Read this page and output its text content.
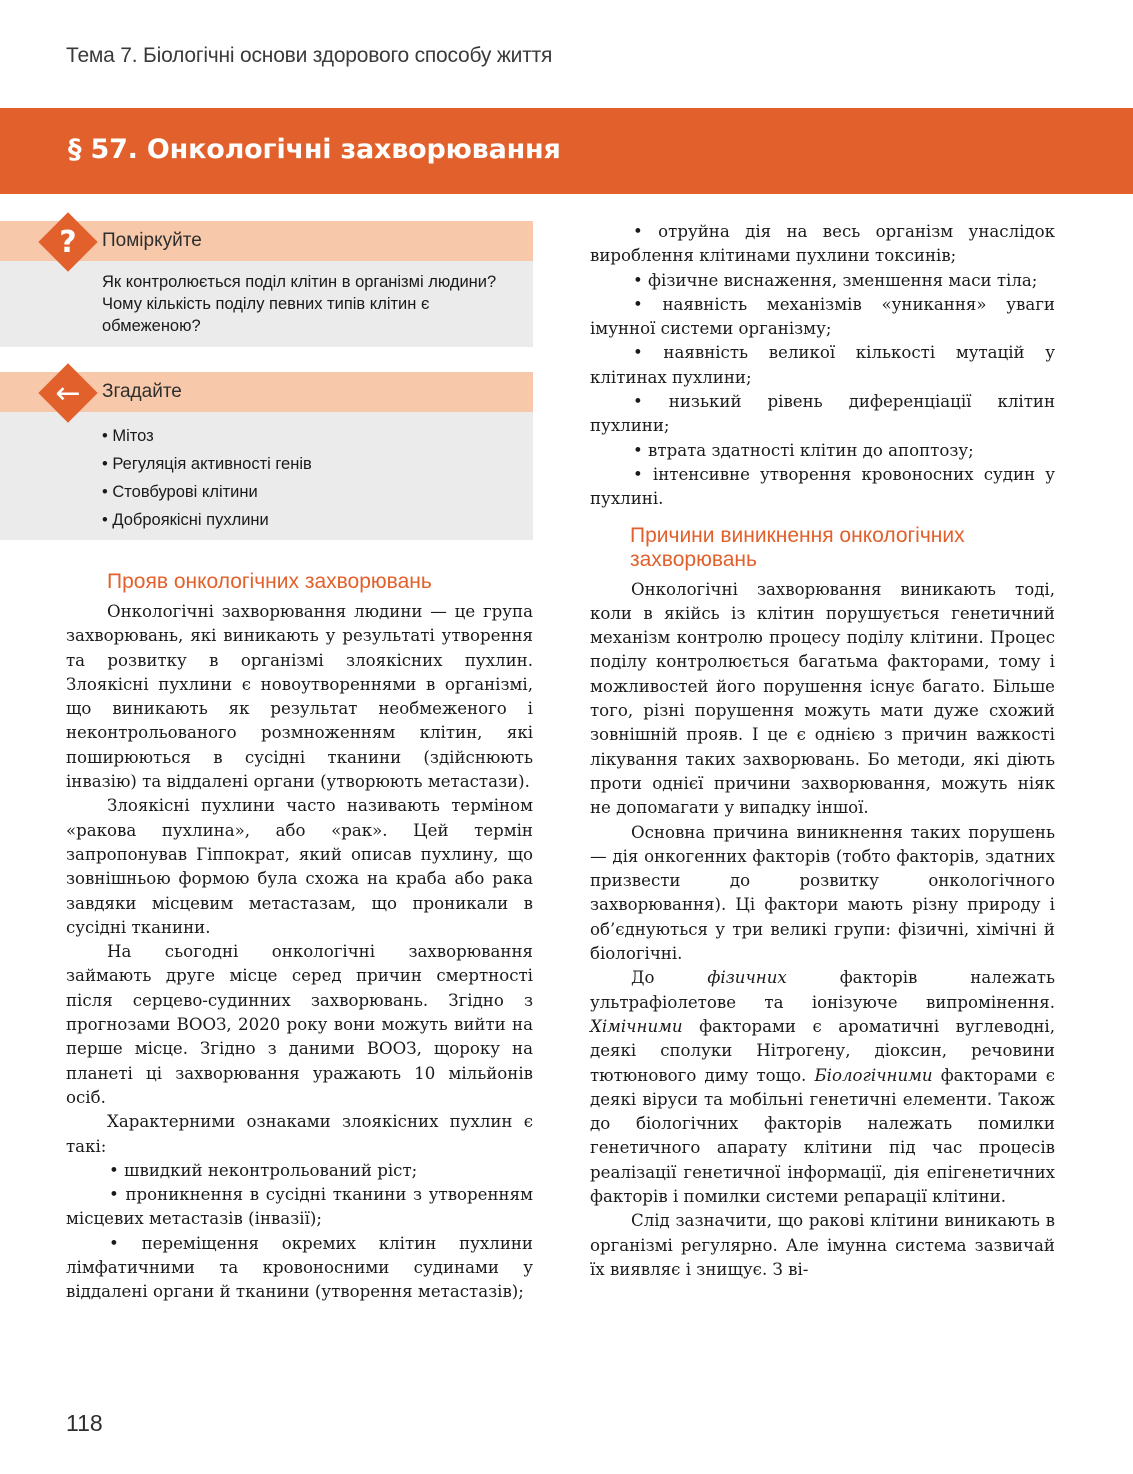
Тема 7. Біологічні основи здорового способу життя
§ 57. Онкологічні захворювання
?	Поміркуйте
Як контролюється поділ клітин в організмі людини? Чому кількість поділу певних типів клітин є обмеженою?
←	Згадайте
• Мітоз
• Регуляція активності генів
• Стовбурові клітини
• Доброякісні пухлини
Прояв онкологічних захворювань

Онкологічні захворювання людини — це група захворювань, які виникають у результаті утворення та розвитку в організмі злоякісних пухлин. Злоякісні пухлини є новоутвореннями в організмі, що виникають як результат необмеженого і неконтрольованого розмноженням клітин, які поширюються в сусідні тканини (здійснюють інвазію) та віддалені органи (утворюють метастази).

Злоякісні пухлини часто називають терміном «ракова пухлина», або «рак». Цей термін запропонував Гіппократ, який описав пухлину, що зовнішньою формою була схожа на краба або рака завдяки місцевим метастазам, що проникали в сусідні тканини.

На сьогодні онкологічні захворювання займають друге місце серед причин смертності після серцево-судинних захворювань. Згідно з прогнозами ВООЗ, 2020 року вони можуть вийти на перше місце. Згідно з даними ВООЗ, щороку на планеті ці захворювання уражають 10 мільйонів осіб.

Характерними ознаками злоякісних пухлин є такі:

• швидкий неконтрольований ріст;

• проникнення в сусідні тканини з утворенням місцевих метастазів (інвазії);

• переміщення окремих клітин пухлини лімфатичними та кровоносними судинами у віддалені органи й тканини (утворення метастазів);

• отруйна дія на весь організм унаслідок вироблення клітинами пухлини токсинів;

• фізичне виснаження, зменшення маси тіла;

• наявність механізмів «уникання» уваги імунної системи організму;

• наявність великої кількості мутацій у клітинах пухлини;

• низький рівень диференціації клітин пухлини;

• втрата здатності клітин до апоптозу;

• інтенсивне утворення кровоносних судин у пухлині.

Причини виникнення онкологічних захворювань

Онкологічні захворювання виникають тоді, коли в якійсь із клітин порушується генетичний механізм контролю процесу поділу клітини. Процес поділу контролюється багатьма факторами, тому і можливостей його порушення існує багато. Більше того, різні порушення можуть мати дуже схожий зовнішній прояв. І це є однією з причин важкості лікування таких захворювань. Бо методи, які діють проти однієї причини захворювання, можуть ніяк не допомагати у випадку іншої.

Основна причина виникнення таких порушень — дія онкогенних факторів (тобто факторів, здатних призвести до розвитку онкологічного захворювання). Ці фактори мають різну природу і об’єднуються у три великі групи: фізичні, хімічні й біологічні.

До фізичних факторів належать ультрафіолетове та іонізуюче випромінення. Хімічними факторами є ароматичні вуглеводні, деякі сполуки Нітрогену, діоксин, речовини тютюнового диму тощо. Біологічними факторами є деякі віруси та мобільні генетичні елементи. Також до біологічних факторів належать помилки генетичного апарату клітини під час процесів реалізації генетичної інформації, дія епігенетичних факторів і помилки системи репарації клітини.

Слід зазначити, що ракові клітини виникають в організмі регулярно. Але імунна система зазвичай їх виявляє і знищує. З ві-

118
